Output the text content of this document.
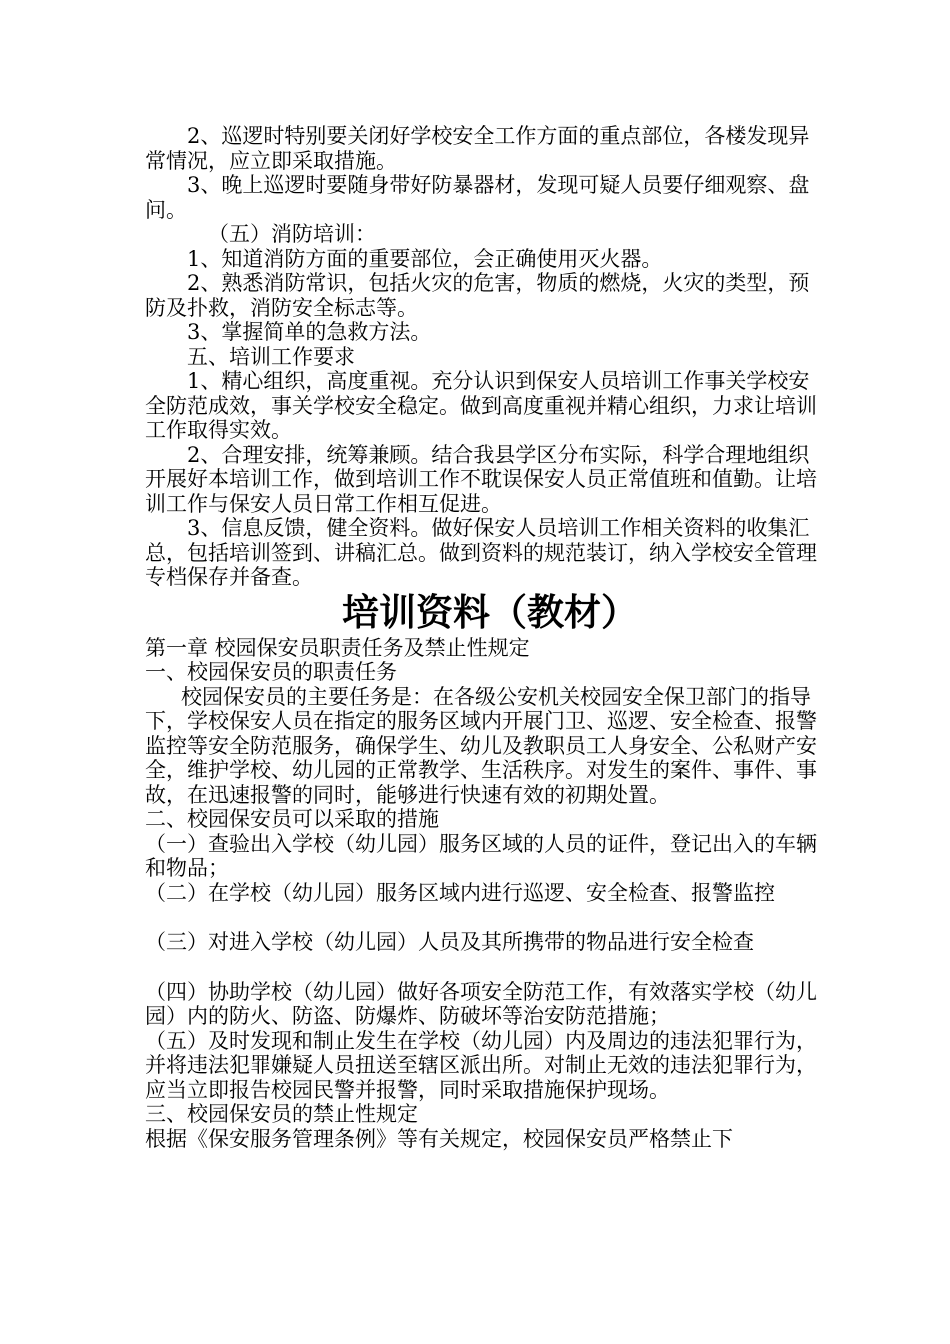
2、巡逻时特别要关闭好学校安全工作方面的重点部位，各楼发现异常情况，应立即采取措施。

3、晚上巡逻时要随身带好防暴器材，发现可疑人员要仔细观察、盘问。

（五）消防培训：

1、知道消防方面的重要部位，会正确使用灭火器。

2、熟悉消防常识，包括火灾的危害，物质的燃烧，火灾的类型，预防及扑救，消防安全标志等。

3、掌握简单的急救方法。

五、培训工作要求

1、精心组织，高度重视。充分认识到保安人员培训工作事关学校安全防范成效，事关学校安全稳定。做到高度重视并精心组织，力求让培训工作取得实效。

2、合理安排，统筹兼顾。结合我县学区分布实际，科学合理地组织开展好本培训工作，做到培训工作不耽误保安人员正常值班和值勤。让培训工作与保安人员日常工作相互促进。

3、信息反馈，健全资料。做好保安人员培训工作相关资料的收集汇总，包括培训签到、讲稿汇总。做到资料的规范装订，纳入学校安全管理专档保存并备查。

培训资料（教材）

第一章 校园保安员职责任务及禁止性规定

一、校园保安员的职责任务

校园保安员的主要任务是：在各级公安机关校园安全保卫部门的指导下，学校保安人员在指定的服务区域内开展门卫、巡逻、安全检查、报警监控等安全防范服务，确保学生、幼儿及教职员工人身安全、公私财产安全，维护学校、幼儿园的正常教学、生活秩序。对发生的案件、事件、事故，在迅速报警的同时，能够进行快速有效的初期处置。

二、校园保安员可以采取的措施

（一）查验出入学校（幼儿园）服务区域的人员的证件，登记出入的车辆和物品；

（二）在学校（幼儿园）服务区域内进行巡逻、安全检查、报警监控

（三）对进入学校（幼儿园）人员及其所携带的物品进行安全检查

（四）协助学校（幼儿园）做好各项安全防范工作，有效落实学校（幼儿园）内的防火、防盗、防爆炸、防破坏等治安防范措施；

（五）及时发现和制止发生在学校（幼儿园）内及周边的违法犯罪行为，并将违法犯罪嫌疑人员扭送至辖区派出所。对制止无效的违法犯罪行为，应当立即报告校园民警并报警，同时采取措施保护现场。

三、校园保安员的禁止性规定

根据《保安服务管理条例》等有关规定，校园保安员严格禁止下
